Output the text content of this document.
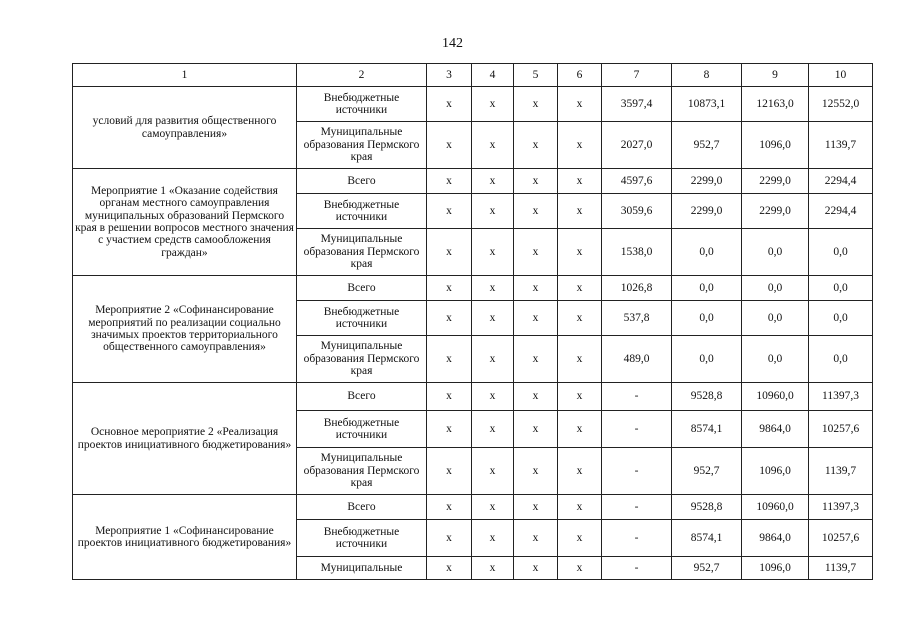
142
1	2	3	4	5	6	7	8	9	10
условий для развития общественного самоуправления»	Внебюджетные источники	x	x	x	x	3597,4	10873,1	12163,0	12552,0
	Муниципальные образования Пермского края	x	x	x	x	2027,0	952,7	1096,0	1139,7
Мероприятие 1 «Оказание содействия органам местного самоуправления муниципальных образований Пермского края в решении вопросов местного значения с участием средств самообложения граждан»	Всего	x	x	x	x	4597,6	2299,0	2299,0	2294,4
	Внебюджетные источники	x	x	x	x	3059,6	2299,0	2299,0	2294,4
	Муниципальные образования Пермского края	x	x	x	x	1538,0	0,0	0,0	0,0
Мероприятие 2 «Софинансирование мероприятий по реализации социально значимых проектов территориального общественного самоуправления»	Всего	x	x	x	x	1026,8	0,0	0,0	0,0
	Внебюджетные источники	x	x	x	x	537,8	0,0	0,0	0,0
	Муниципальные образования Пермского края	x	x	x	x	489,0	0,0	0,0	0,0
Основное мероприятие 2 «Реализация проектов инициативного бюджетирования»	Всего	x	x	x	x	-	9528,8	10960,0	11397,3
	Внебюджетные источники	x	x	x	x	-	8574,1	9864,0	10257,6
	Муниципальные образования Пермского края	x	x	x	x	-	952,7	1096,0	1139,7
Мероприятие 1 «Софинансирование проектов инициативного бюджетирования»	Всего	x	x	x	x	-	9528,8	10960,0	11397,3
	Внебюджетные источники	x	x	x	x	-	8574,1	9864,0	10257,6
	Муниципальные	x	x	x	x	-	952,7	1096,0	1139,7
